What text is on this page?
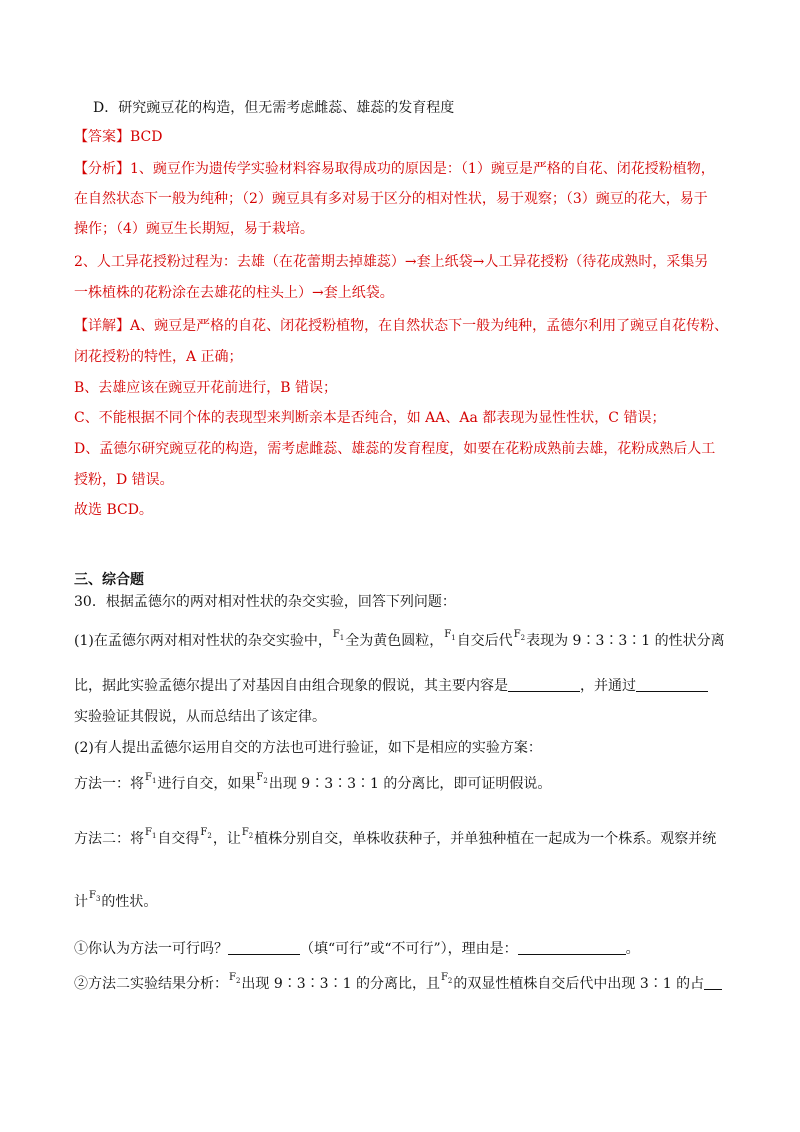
D．研究豌豆花的构造，但无需考虑雌蕊、雄蕊的发育程度
【答案】BCD
【分析】1、豌豆作为遗传学实验材料容易取得成功的原因是：（1）豌豆是严格的自花、闭花授粉植物，
在自然状态下一般为纯种；（2）豌豆具有多对易于区分的相对性状，易于观察；（3）豌豆的花大，易于
操作；（4）豌豆生长期短，易于栽培。
2、人工异花授粉过程为：去雄（在花蕾期去掉雄蕊）→套上纸袋→人工异花授粉（待花成熟时，采集另
一株植株的花粉涂在去雄花的柱头上）→套上纸袋。
【详解】A、豌豆是严格的自花、闭花授粉植物，在自然状态下一般为纯种，孟德尔利用了豌豆自花传粉、
闭花授粉的特性，A 正确；
B、去雄应该在豌豆开花前进行，B 错误；
C、不能根据不同个体的表现型来判断亲本是否纯合，如 AA、Aa 都表现为显性性状，C 错误；
D、孟德尔研究豌豆花的构造，需考虑雌蕊、雄蕊的发育程度，如要在花粉成熟前去雄，花粉成熟后人工
授粉，D 错误。
故选 BCD。
三、综合题
30．根据孟德尔的两对相对性状的杂交实验，回答下列问题：
(1)在孟德尔两对相对性状的杂交实验中，F1全为黄色圆粒，F1自交后代F2表现为 9∶3∶3∶1 的性状分离
比，据此实验孟德尔提出了对基因自由组合现象的假说，其主要内容是	，并通过
实验验证其假说，从而总结出了该定律。
(2)有人提出孟德尔运用自交的方法也可进行验证，如下是相应的实验方案：
方法一：将F1进行自交，如果F2出现 9∶3∶3∶1 的分离比，即可证明假说。
方法二：将F1自交得F2，让F2植株分别自交，单株收获种子，并单独种植在一起成为一个株系。观察并统
计F3的性状。
①你认为方法一可行吗？	（填“可行”或“不可行”），理由是：	。
②方法二实验结果分析：F2出现 9∶3∶3∶1 的分离比，且F2的双显性植株自交后代中出现 3∶1 的占
